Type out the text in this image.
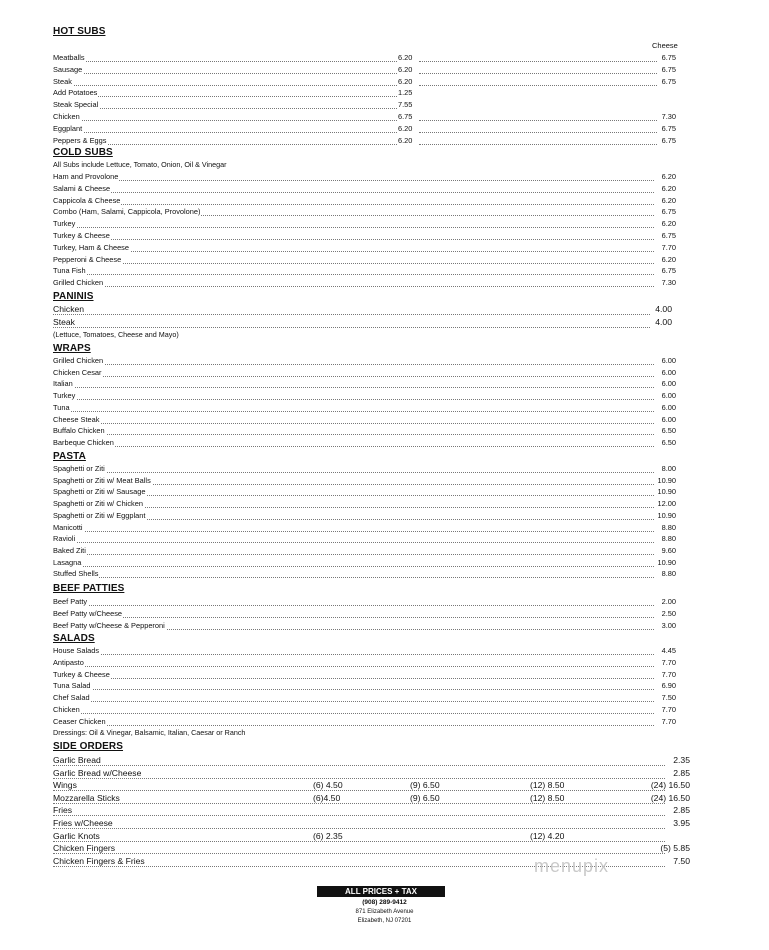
HOT SUBS
Cheese
Meatballs	6.20	6.75
Sausage	6.20	6.75
Steak	6.20	6.75
Add Potatoes	1.25
Steak Special	7.55
Chicken	6.75	7.30
Eggplant	6.20	6.75
Peppers & Eggs	6.20	6.75
COLD SUBS
All Subs include Lettuce, Tomato, Onion, Oil & Vinegar
Ham and Provolone	6.20
Salami & Cheese	6.20
Cappicola & Cheese	6.20
Combo (Ham, Salami, Cappicola, Provolone)	6.75
Turkey	6.20
Turkey & Cheese	6.75
Turkey, Ham & Cheese	7.70
Pepperoni & Cheese	6.20
Tuna Fish	6.75
Grilled Chicken	7.30
PANINIS
Chicken	4.00
Steak	4.00
(Lettuce, Tomatoes, Cheese and Mayo)
WRAPS
Grilled Chicken	6.00
Chicken Cesar	6.00
Italian	6.00
Turkey	6.00
Tuna	6.00
Cheese Steak	6.00
Buffalo Chicken	6.50
Barbeque Chicken	6.50
PASTA
Spaghetti or Ziti	8.00
Spaghetti or Ziti w/ Meat Balls	10.90
Spaghetti or Ziti w/ Sausage	10.90
Spaghetti or Ziti w/ Chicken	12.00
Spaghetti or Ziti w/ Eggplant	10.90
Manicotti	8.80
Ravioli	8.80
Baked Ziti	9.60
Lasagna	10.90
Stuffed Shells	8.80
BEEF PATTIES
Beef Patty	2.00
Beef Patty w/Cheese	2.50
Beef Patty w/Cheese & Pepperoni	3.00
SALADS
House Salads	4.45
Antipasto	7.70
Turkey & Cheese	7.70
Tuna Salad	6.90
Chef Salad	7.50
Chicken	7.70
Ceaser Chicken	7.70
Dressings: Oil & Vinegar, Balsamic, Italian, Caesar or Ranch
SIDE ORDERS
Garlic Bread	2.35
Garlic Bread w/Cheese	2.85
Wings	(6) 4.50	(9) 6.50	(12) 8.50	(24) 16.50
Mozzarella Sticks	(6)4.50	(9) 6.50	(12) 8.50	(24) 16.50
Fries	2.85
Fries w/Cheese	3.95
Garlic Knots	(6) 2.35	(12) 4.20
Chicken Fingers	(5) 5.85
Chicken Fingers & Fries	7.50
ALL PRICES + TAX
(908) 289-9412
871 Elizabeth Avenue
Elizabeth, NJ 07201
menupix
